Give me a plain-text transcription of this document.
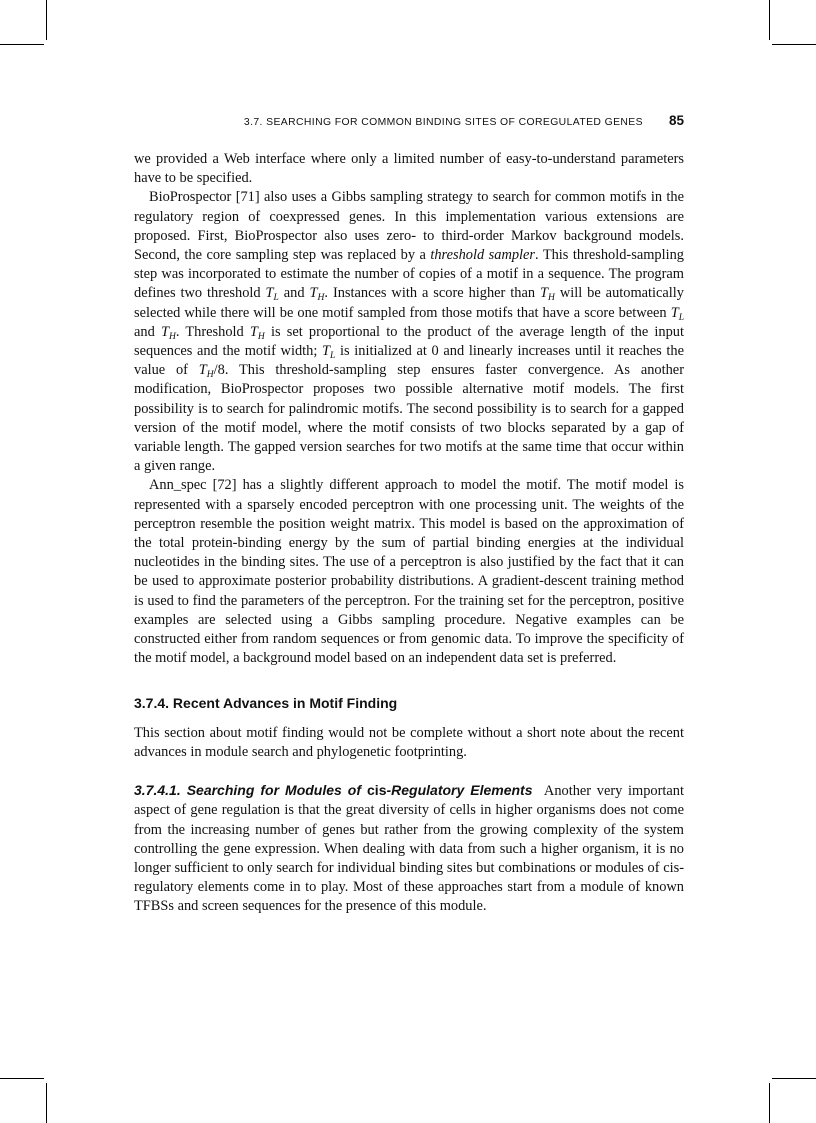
3.7. SEARCHING FOR COMMON BINDING SITES OF COREGULATED GENES 85

we provided a Web interface where only a limited number of easy-to-understand parameters have to be specified.

BioProspector [71] also uses a Gibbs sampling strategy to search for common motifs in the regulatory region of coexpressed genes. In this implementation various extensions are proposed. First, BioProspector also uses zero- to third-order Markov background models. Second, the core sampling step was replaced by a threshold sampler. This threshold-sampling step was incorporated to estimate the number of copies of a motif in a sequence. The program defines two threshold $T_L$ and $T_H$. Instances with a score higher than $T_H$ will be automatically selected while there will be one motif sampled from those motifs that have a score between $T_L$ and $T_H$. Threshold $T_H$ is set proportional to the product of the average length of the input sequences and the motif width; $T_L$ is initialized at 0 and linearly increases until it reaches the value of $T_H/8$. This threshold-sampling step ensures faster convergence. As another modification, BioProspector proposes two possible alternative motif models. The first possibility is to search for palindromic motifs. The second possibility is to search for a gapped version of the motif model, where the motif consists of two blocks separated by a gap of variable length. The gapped version searches for two motifs at the same time that occur within a given range.

Ann_spec [72] has a slightly different approach to model the motif. The motif model is represented with a sparsely encoded perceptron with one processing unit. The weights of the perceptron resemble the position weight matrix. This model is based on the approximation of the total protein-binding energy by the sum of partial binding energies at the individual nucleotides in the binding sites. The use of a perceptron is also justified by the fact that it can be used to approximate posterior probability distributions. A gradient-descent training method is used to find the parameters of the perceptron. For the training set for the perceptron, positive examples are selected using a Gibbs sampling procedure. Negative examples can be constructed either from random sequences or from genomic data. To improve the specificity of the motif model, a background model based on an independent data set is preferred.

3.7.4. Recent Advances in Motif Finding

This section about motif finding would not be complete without a short note about the recent advances in module search and phylogenetic footprinting.

3.7.4.1. Searching for Modules of cis-Regulatory Elements Another very important aspect of gene regulation is that the great diversity of cells in higher organisms does not come from the increasing number of genes but rather from the growing complexity of the system controlling the gene expression. When dealing with data from such a higher organism, it is no longer sufficient to only search for individual binding sites but combinations or modules of cis-regulatory elements come in to play. Most of these approaches start from a module of known TFBSs and screen sequences for the presence of this module.
